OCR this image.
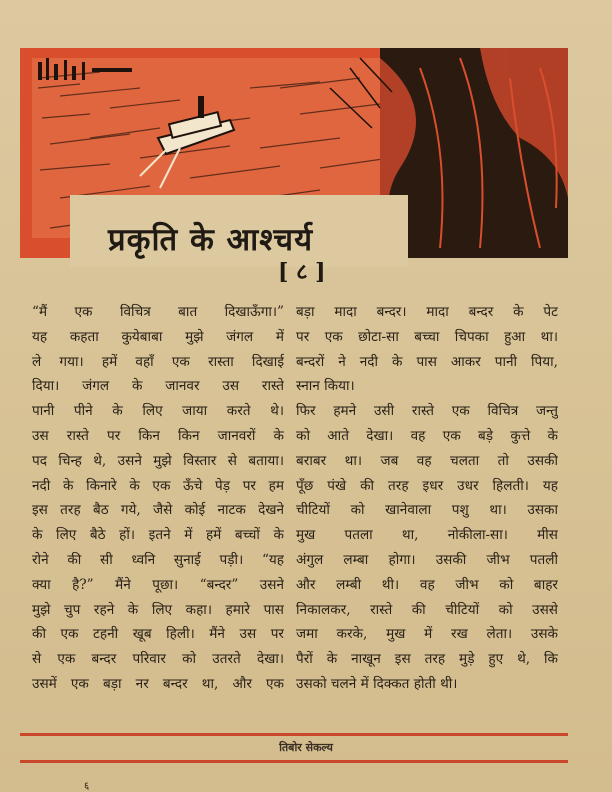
प्रकृति के आश्चर्य
[ ८ ]
“मैं एक विचित्र बात दिखाऊँगा।”
यह कहता कुयेबाबा मुझे जंगल में
ले गया। हमें वहाँ एक रास्ता दिखाई
दिया। जंगल के जानवर उस रास्ते
पानी पीने के लिए जाया करते थे।
उस रास्ते पर किन किन जानवरों के
पद चिन्ह थे, उसने मुझे विस्तार से बताया।
नदी के किनारे के एक ऊँचे पेड़ पर हम
इस तरह बैठ गये, जैसे कोई नाटक देखने
के लिए बैठे हों। इतने में हमें बच्चों के
रोने की सी ध्वनि सुनाई पड़ी। “यह
क्या है?” मैंने पूछा। “बन्दर” उसने
मुझे चुप रहने के लिए कहा। हमारे पास
की एक टहनी खूब हिली। मैंने उस पर
से एक बन्दर परिवार को उतरते देखा।
उसमें एक बड़ा नर बन्दर था, और एक
बड़ा मादा बन्दर। मादा बन्दर के पेट
पर एक छोटा-सा बच्चा चिपका हुआ था।
बन्दरों ने नदी के पास आकर पानी पिया,
स्नान किया।
फिर हमने उसी रास्ते एक विचित्र जन्तु
को आते देखा। वह एक बड़े कुत्ते के
बराबर था। जब वह चलता तो उसकी
पूँछ पंखे की तरह इधर उधर हिलती। यह
चीटियों को खानेवाला पशु था। उसका
मुख पतला था, नोकीला-सा। मीस
अंगुल लम्बा होगा। उसकी जीभ पतली
और लम्बी थी। वह जीभ को बाहर
निकालकर, रास्ते की चीटियों को उससे
जमा करके, मुख में रख लेता। उसके
पैरों के नाखून इस तरह मुड़े हुए थे, कि
उसको चलने में दिक्कत होती थी।
तिबोर सेकल्य
६
